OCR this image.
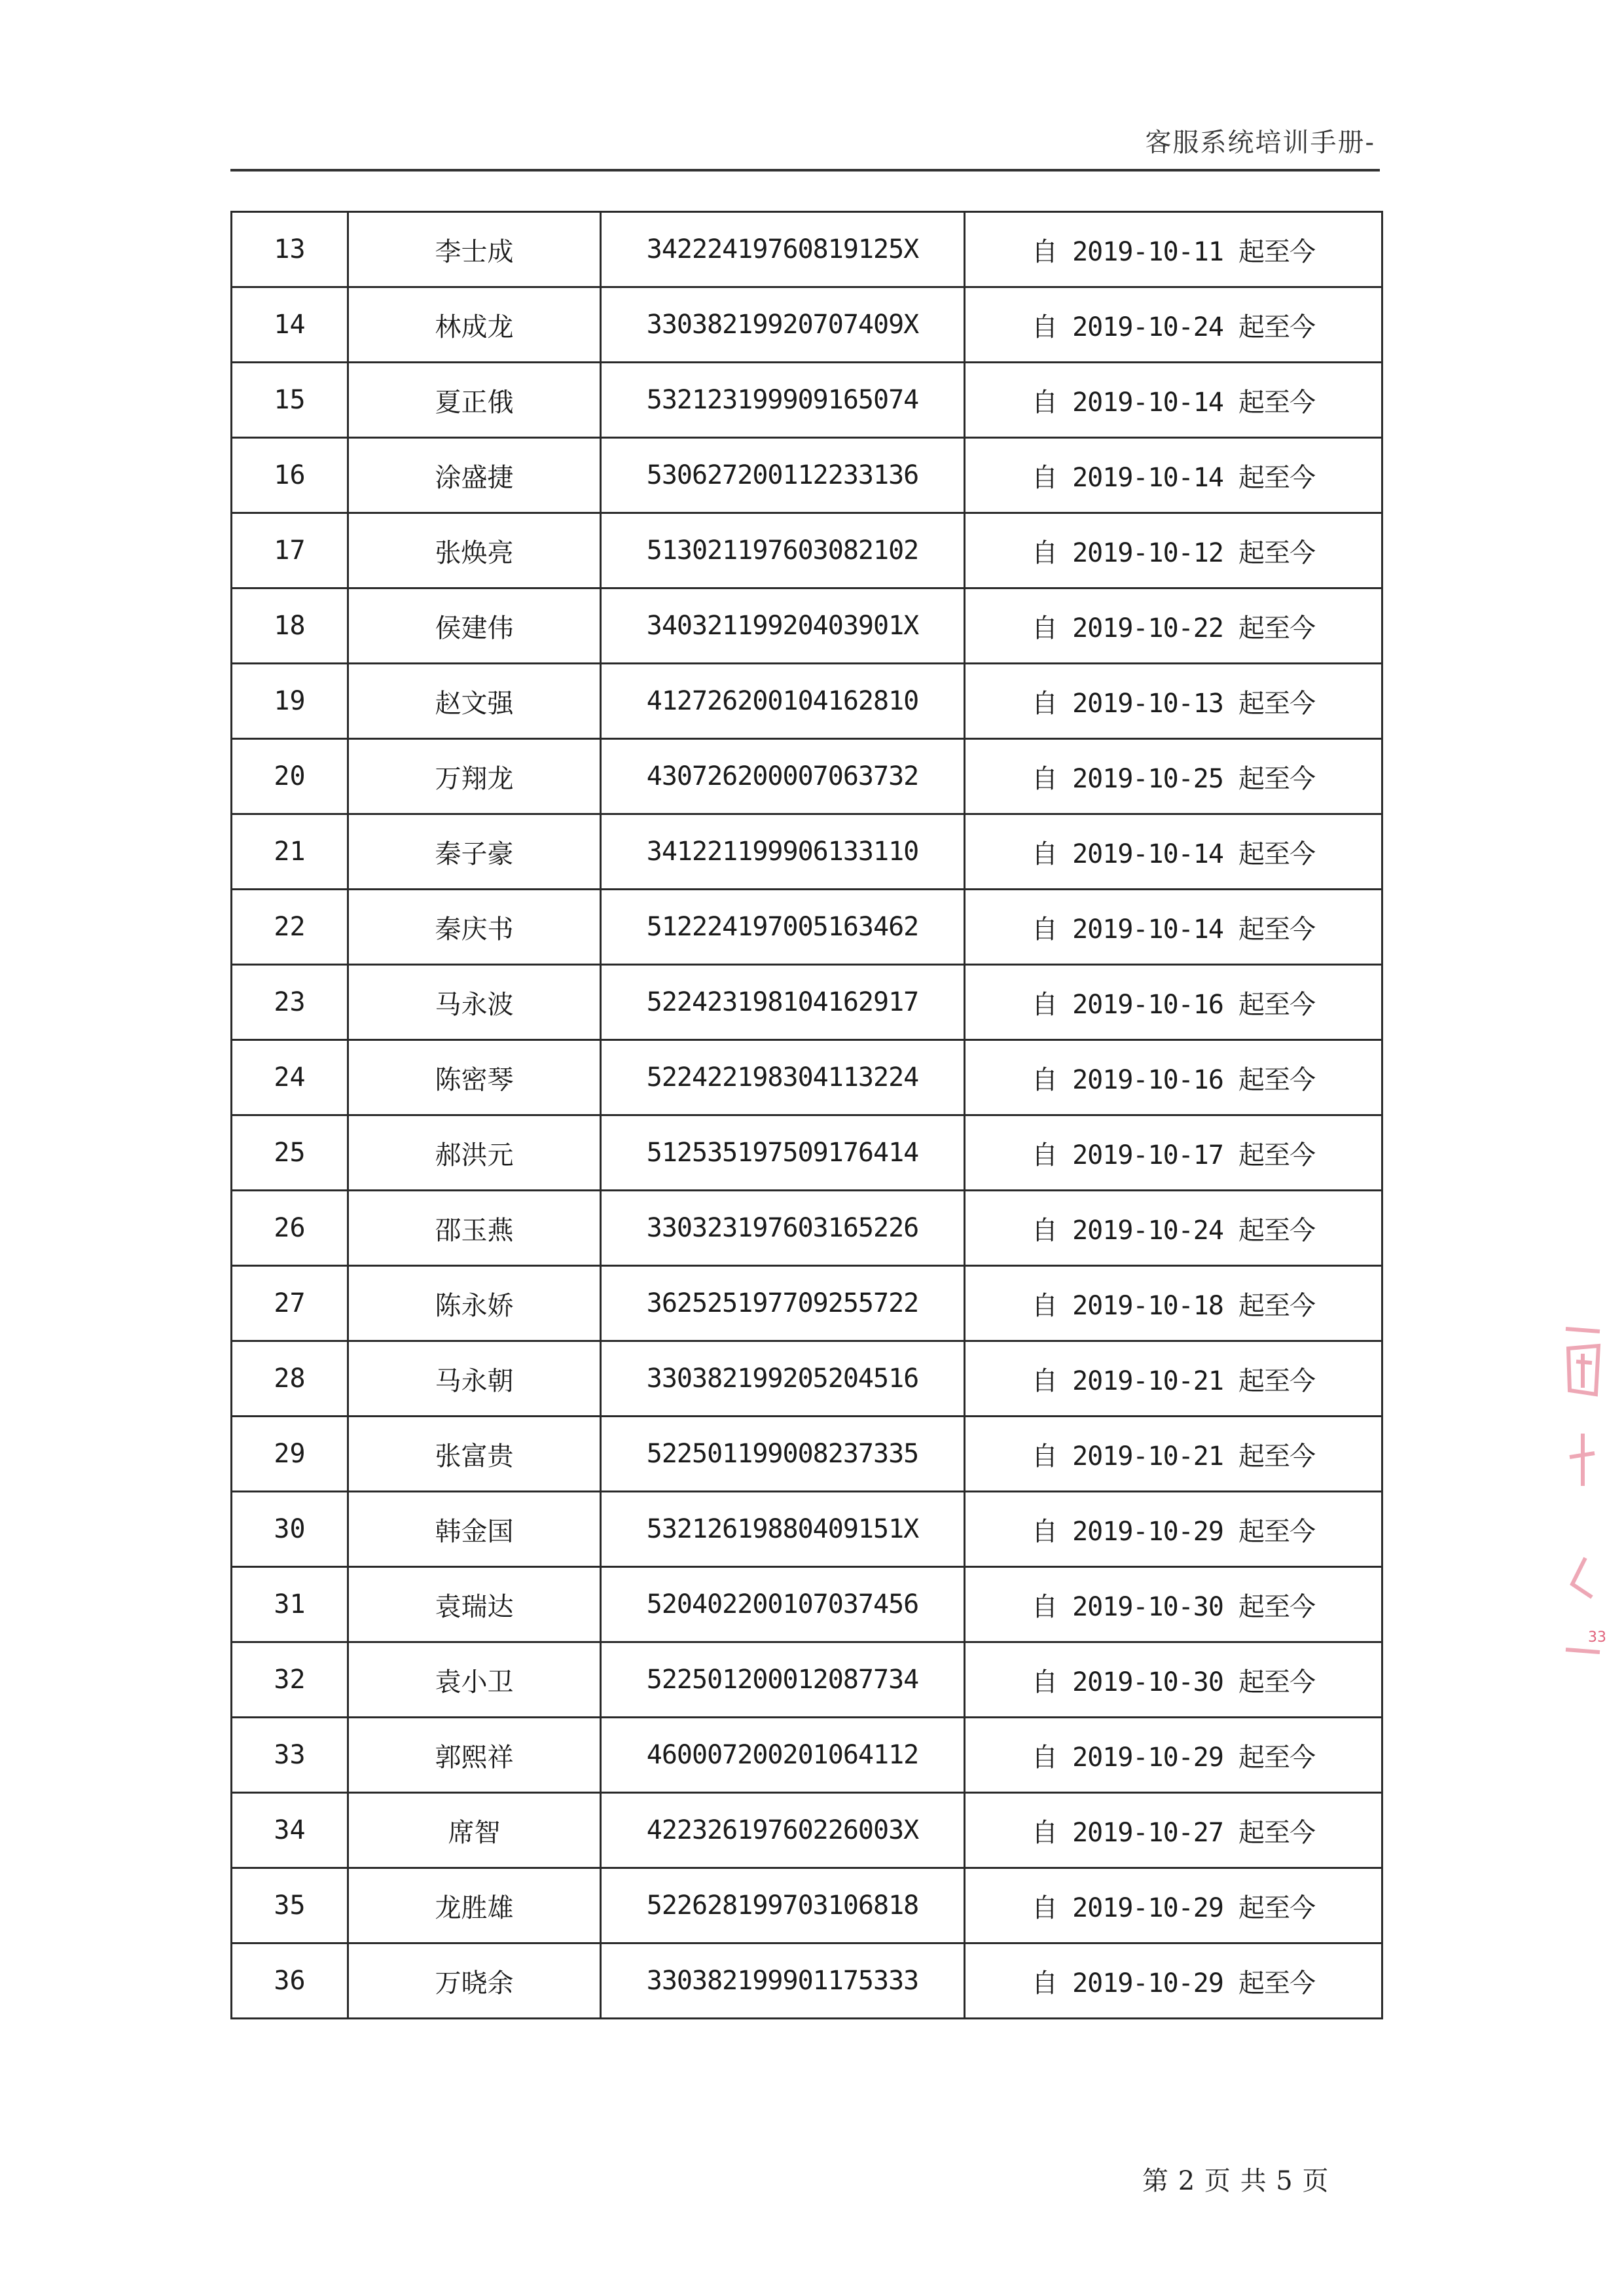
客服系统培训手册-
13	李士成	34222419760819125X	自 2019-10-11 起至今
14	林成龙	33038219920707409X	自 2019-10-24 起至今
15	夏正俄	532123199909165074	自 2019-10-14 起至今
16	涂盛捷	530627200112233136	自 2019-10-14 起至今
17	张焕亮	513021197603082102	自 2019-10-12 起至今
18	侯建伟	34032119920403901X	自 2019-10-22 起至今
19	赵文强	412726200104162810	自 2019-10-13 起至今
20	万翔龙	430726200007063732	自 2019-10-25 起至今
21	秦子豪	341221199906133110	自 2019-10-14 起至今
22	秦庆书	512224197005163462	自 2019-10-14 起至今
23	马永波	522423198104162917	自 2019-10-16 起至今
24	陈密琴	522422198304113224	自 2019-10-16 起至今
25	郝洪元	512535197509176414	自 2019-10-17 起至今
26	邵玉燕	330323197603165226	自 2019-10-24 起至今
27	陈永娇	362525197709255722	自 2019-10-18 起至今
28	马永朝	330382199205204516	自 2019-10-21 起至今
29	张富贵	522501199008237335	自 2019-10-21 起至今
30	韩金国	53212619880409151X	自 2019-10-29 起至今
31	袁瑞达	520402200107037456	自 2019-10-30 起至今
32	袁小卫	522501200012087734	自 2019-10-30 起至今
33	郭熙祥	460007200201064112	自 2019-10-29 起至今
34	席智	42232619760226003X	自 2019-10-27 起至今
35	龙胜雄	522628199703106818	自 2019-10-29 起至今
36	万晓余	330382199901175333	自 2019-10-29 起至今
第 2 页 共 5 页
33
